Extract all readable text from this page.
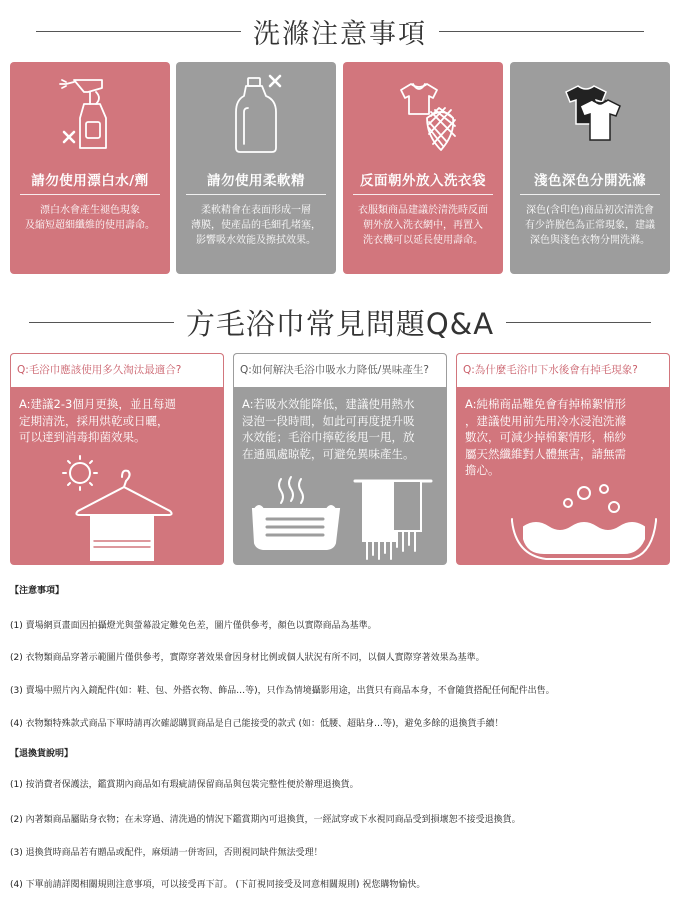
洗滌注意事項
請勿使用漂白水/劑
漂白水會產生褪色現象
及縮短超細纖維的使用壽命。
請勿使用柔軟精
柔軟精會在表面形成一層
薄膜，使產品的毛細孔堵塞，
影響吸水效能及擦拭效果。
反面朝外放入洗衣袋
衣服類商品建議於清洗時反面
朝外放入洗衣網中，再置入
洗衣機可以延長使用壽命。
淺色深色分開洗滌
深色(含印色)商品初次清洗會
有少許脫色為正常現象，建議
深色與淺色衣物分開洗滌。
方毛浴巾常見問題Q&A
Q:毛浴巾應該使用多久淘汰最適合?
A:建議2-3個月更換，並且每週
定期清洗，採用烘乾或日曬，
可以達到消毒抑菌效果。
Q:如何解決毛浴巾吸水力降低/異味產生?
A:若吸水效能降低，建議使用熱水
浸泡一段時間，如此可再度提升吸
水效能；毛浴巾擰乾後甩一甩，放
在通風處晾乾，可避免異味產生。
Q:為什麼毛浴巾下水後會有掉毛現象?
A:純棉商品難免會有掉棉絮情形
，建議使用前先用冷水浸泡洗滌
數次，可減少掉棉絮情形，棉紗
屬天然纖維對人體無害，請無需
擔心。
【注意事項】
(1) 賣場網頁畫面因拍攝燈光與螢幕設定難免色差，圖片僅供參考，顏色以實際商品為基準。
(2) 衣物類商品穿著示範圖片僅供參考，實際穿著效果會因身材比例或個人狀況有所不同，以個人實際穿著效果為基準。
(3) 賣場中照片內入鏡配件(如：鞋、包、外搭衣物、飾品…等)，只作為情境攝影用途，出貨只有商品本身，不會隨貨搭配任何配件出售。
(4) 衣物類特殊款式商品下單時請再次確認購買商品是自己能接受的款式 (如：低腰、超貼身…等)，避免多餘的退換貨手續！
【退換貨說明】
(1) 按消費者保護法，鑑賞期內商品如有瑕疵請保留商品與包裝完整性便於辦理退換貨。
(2) 內著類商品屬貼身衣物；在未穿過、清洗過的情況下鑑賞期內可退換貨，一經試穿或下水視同商品受到損壞恕不接受退換貨。
(3) 退換貨時商品若有贈品或配件，麻煩請一併寄回，否則視同缺件無法受理！
(4) 下單前請詳閱相關規則注意事項，可以接受再下訂。 (下訂視同接受及同意相關規則) 祝您購物愉快。
